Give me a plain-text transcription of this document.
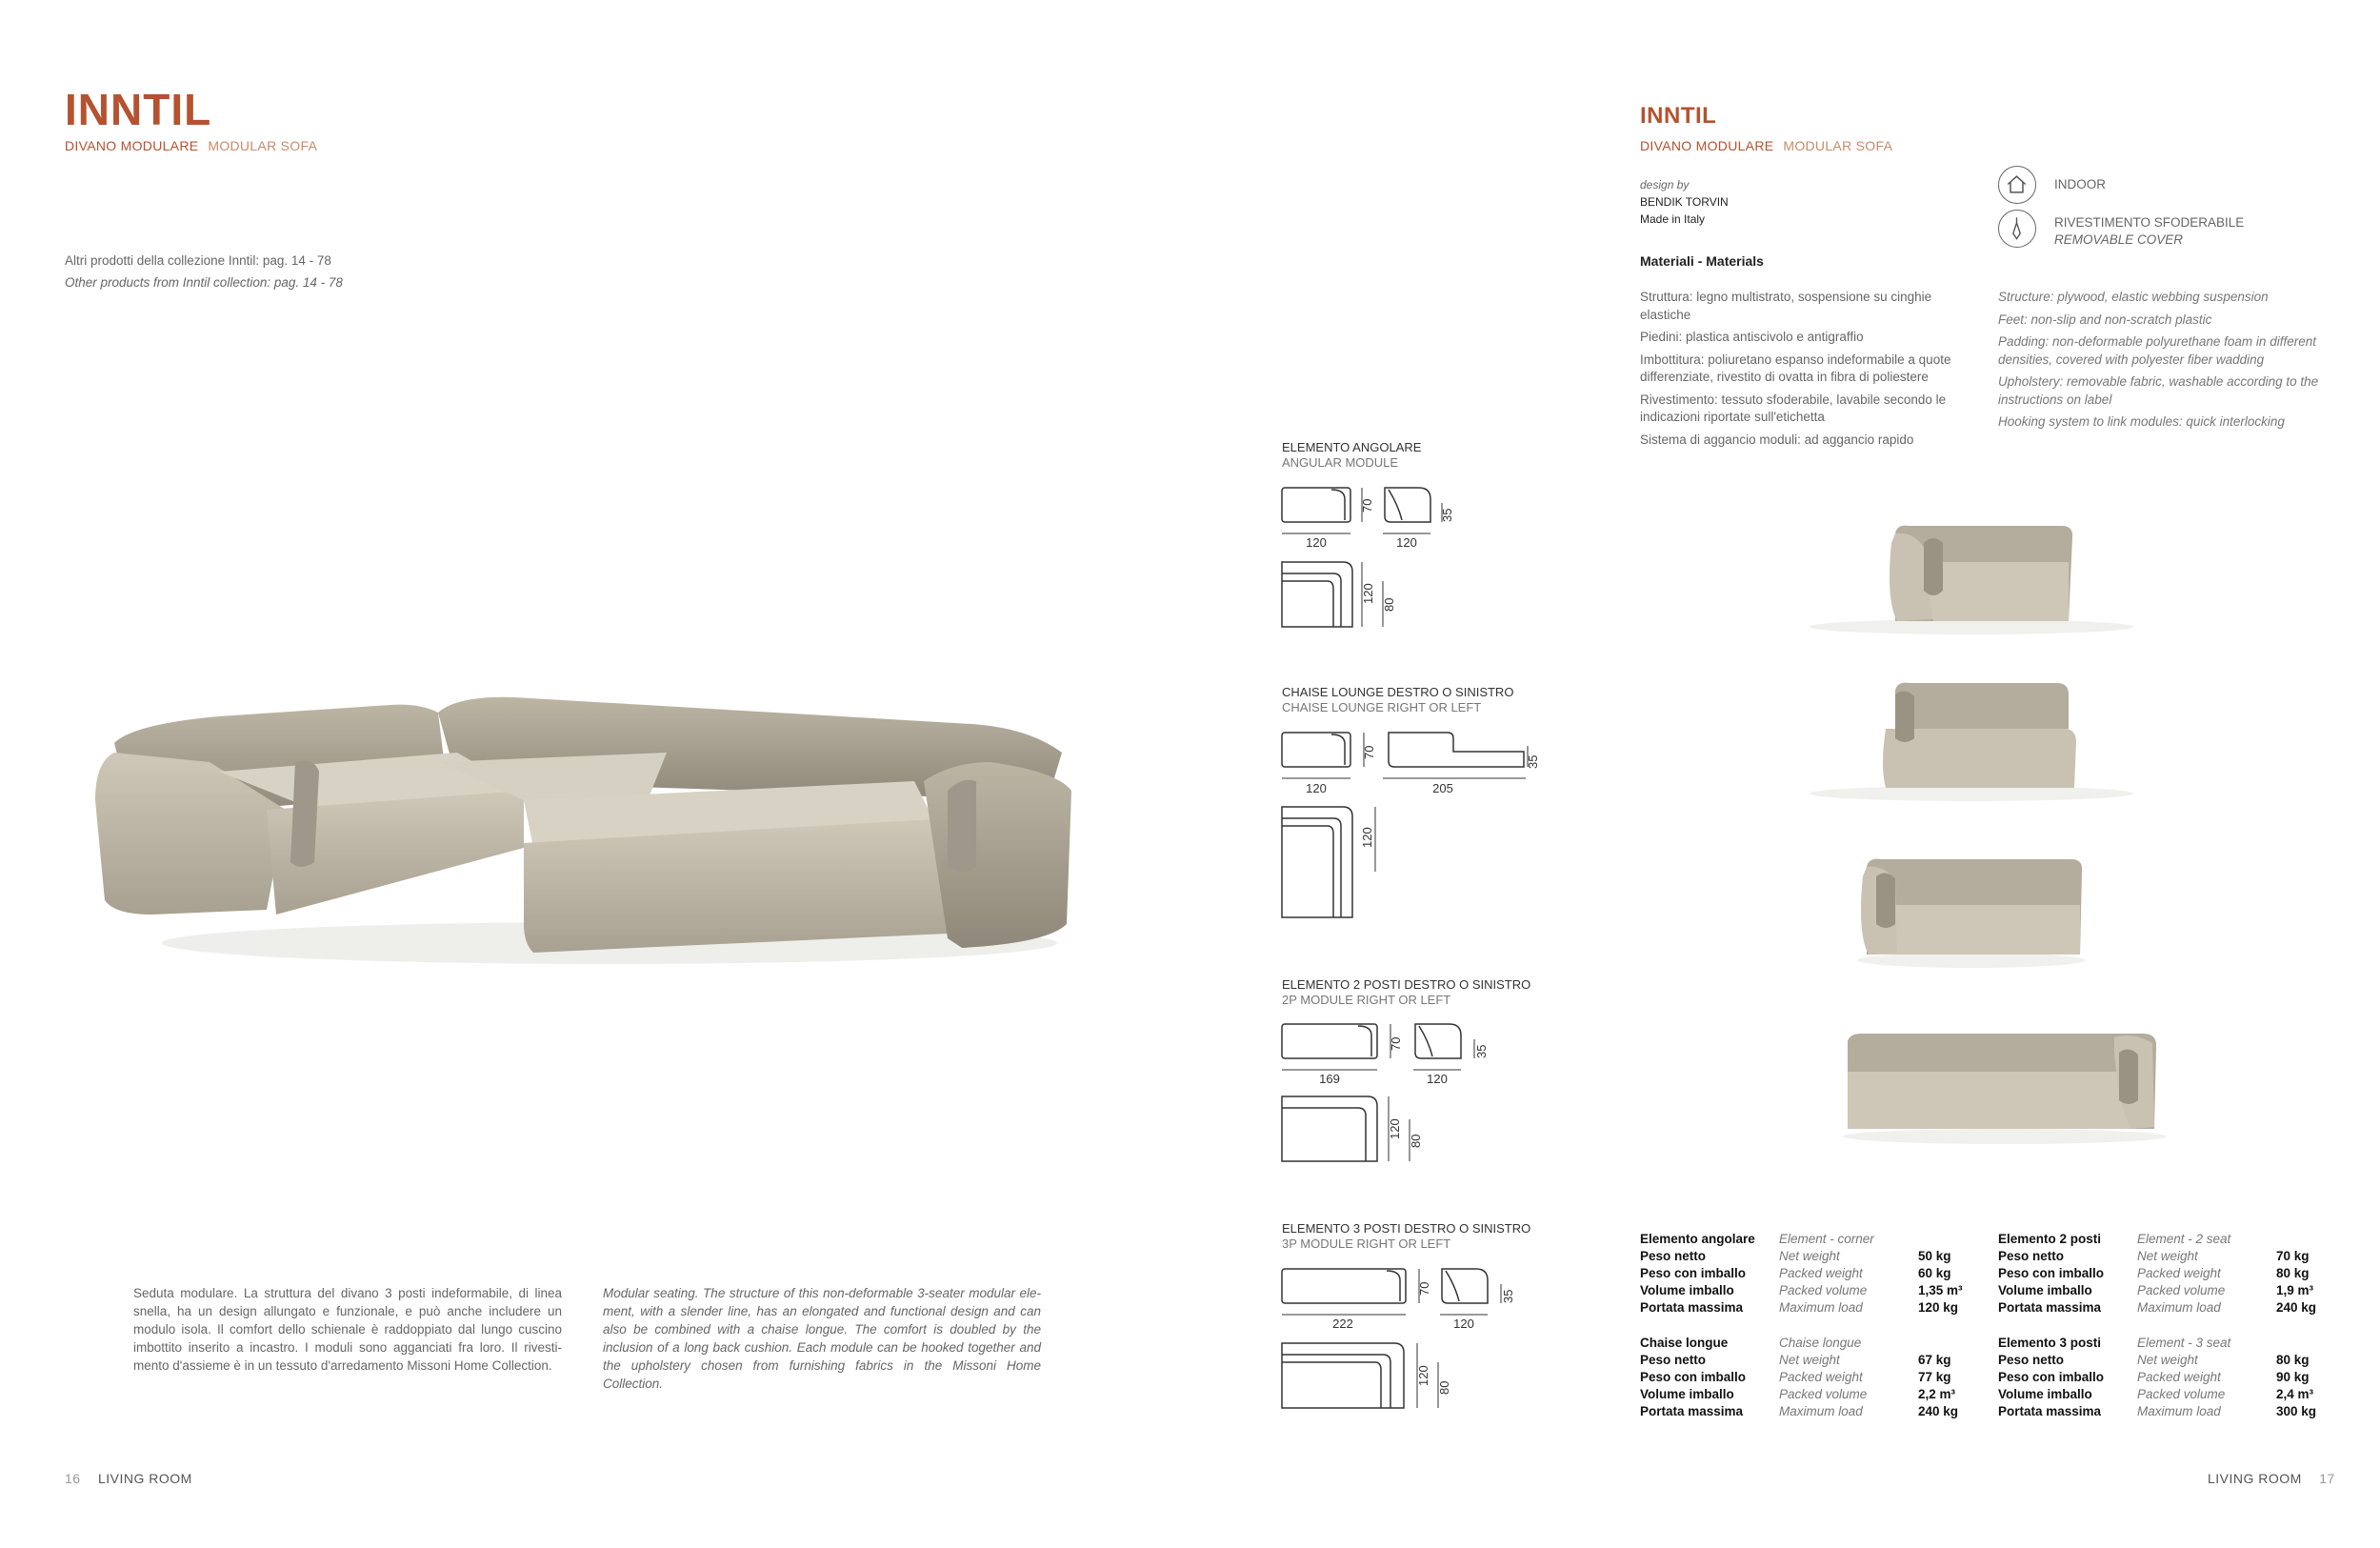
INNTIL
DIVANO MODULARE MODULAR SOFA
Altri prodotti della collezione Inntil: pag. 14 - 78
Other products from Inntil collection: pag. 14 - 78
Seduta modulare. La struttura del divano 3 posti indeformabile, di linea snella, ha un design allungato e funzionale, e può anche includere un modulo isola. Il comfort dello schienale è raddoppiato dal lungo cuscino imbottito inserito a incastro. I moduli sono agganciati fra loro. Il rivesti-mento d'assieme è in un tessuto d'arredamento Missoni Home Collection.
Modular seating. The structure of this non-deformable 3-seater modular ele-ment, with a slender line, has an elongated and functional design and can also be combined with a chaise longue. The comfort is doubled by the inclusion of a long back cushion. Each module can be hooked together and the upholstery chosen from furnishing fabrics in the Missoni Home Collection.
16 LIVING ROOM
ELEMENTO ANGOLARE
ANGULAR MODULE
120	120
70
35
120
80
CHAISE LOUNGE DESTRO O SINISTRO
CHAISE LOUNGE RIGHT OR LEFT
120	205
70
35
120
ELEMENTO 2 POSTI DESTRO O SINISTRO
2P MODULE RIGHT OR LEFT
169	120
70
35
120
80
ELEMENTO 3 POSTI DESTRO O SINISTRO
3P MODULE RIGHT OR LEFT
222	120
70
35
120
80
INNTIL
DIVANO MODULARE MODULAR SOFA
design by
BENDIK TORVIN
Made in Italy
INDOOR
RIVESTIMENTO SFODERABILE
REMOVABLE COVER
Materiali - Materials
Struttura: legno multistrato, sospensione su cinghie elastiche
Piedini: plastica antiscivolo e antigraffio
Imbottitura: poliuretano espanso indeformabile a quote differenziate, rivestito di ovatta in fibra di poliestere
Rivestimento: tessuto sfoderabile, lavabile secondo le indicazioni riportate sull'etichetta
Sistema di aggancio moduli: ad aggancio rapido
Structure: plywood, elastic webbing suspension
Feet: non-slip and non-scratch plastic
Padding: non-deformable polyurethane foam in different densities, covered with polyester fiber wadding
Upholstery: removable fabric, washable according to the instructions on label
Hooking system to link modules: quick interlocking
Elemento angolare	Element - corner	
Peso netto	Net weight	50 kg
Peso con imballo	Packed weight	60 kg
Volume imballo	Packed volume	1,35 m³
Portata massima	Maximum load	120 kg
Elemento 2 posti	Element - 2 seat	
Peso netto	Net weight	70 kg
Peso con imballo	Packed weight	80 kg
Volume imballo	Packed volume	1,9 m³
Portata massima	Maximum load	240 kg
Chaise longue	Chaise longue	
Peso netto	Net weight	67 kg
Peso con imballo	Packed weight	77 kg
Volume imballo	Packed volume	2,2 m³
Portata massima	Maximum load	240 kg
Elemento 3 posti	Element - 3 seat	
Peso netto	Net weight	80 kg
Peso con imballo	Packed weight	90 kg
Volume imballo	Packed volume	2,4 m³
Portata massima	Maximum load	300 kg
LIVING ROOM 17
